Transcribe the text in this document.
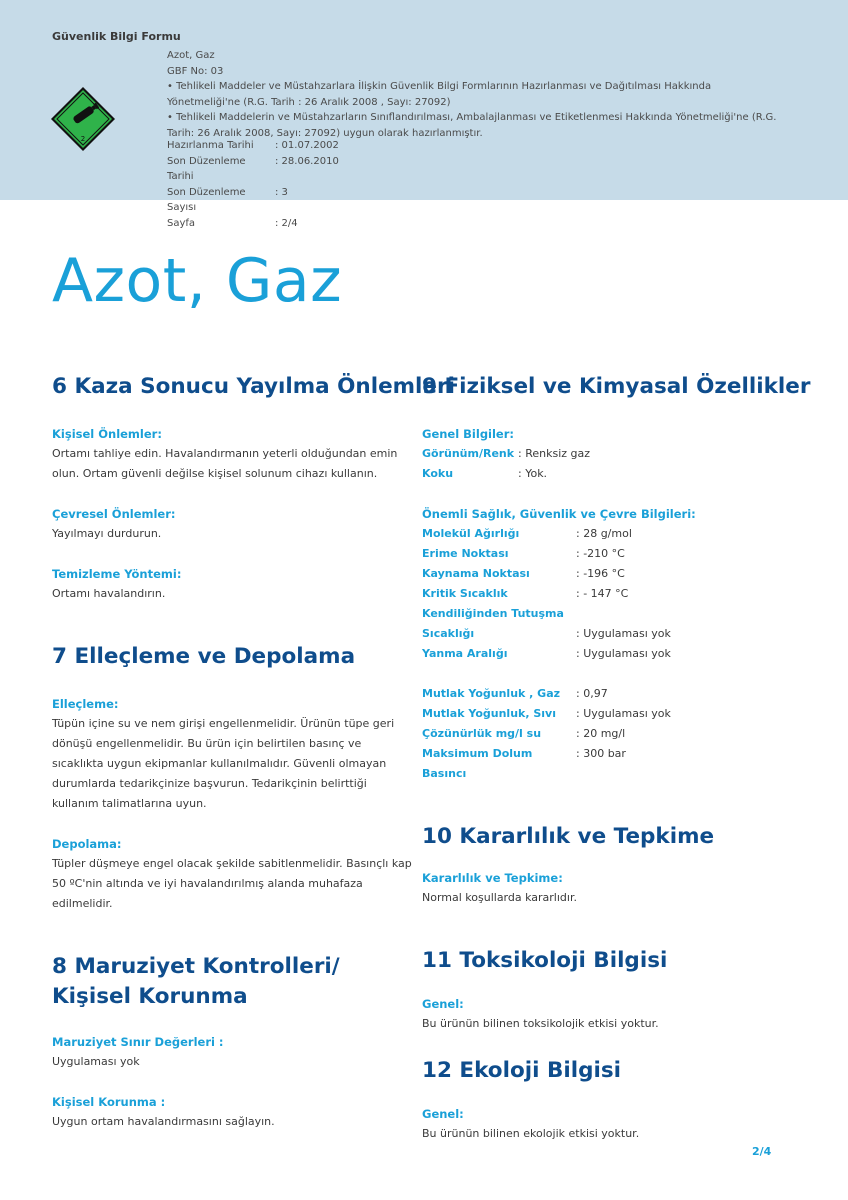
Güvenlik Bilgi Formu
2
Azot, Gaz
GBF No: 03
• Tehlikeli Maddeler ve Müstahzarlara İlişkin Güvenlik Bilgi Formlarının Hazırlanması ve Dağıtılması Hakkında Yönetmeliği'ne (R.G. Tarih : 26 Aralık 2008 , Sayı: 27092)
• Tehlikeli Maddelerin ve Müstahzarların Sınıflandırılması, Ambalajlanması ve Etiketlenmesi Hakkında Yönetmeliği'ne (R.G. Tarih: 26 Aralık 2008, Sayı: 27092) uygun olarak hazırlanmıştır.
Hazırlanma Tarihi	: 01.07.2002
Son Düzenleme Tarihi
: 28.06.2010
Son Düzenleme Sayısı
: 3
Sayfa	: 2/4
Azot, Gaz
6 Kaza Sonucu Yayılma Önlemleri
Kişisel Önlemler:
Ortamı tahliye edin. Havalandırmanın yeterli olduğundan emin olun. Ortam güvenli değilse kişisel solunum cihazı kullanın.
Çevresel Önlemler:
Yayılmayı durdurun.
Temizleme Yöntemi:
Ortamı havalandırın.
7 Elleçleme ve Depolama
Elleçleme:
Tüpün içine su ve nem girişi engellenmelidir. Ürünün tüpe geri dönüşü engellenmelidir. Bu ürün için belirtilen basınç ve sıcaklıkta uygun ekipmanlar kullanılmalıdır. Güvenli olmayan durumlarda tedarikçinize başvurun. Tedarikçinin belirttiği kullanım talimatlarına uyun.
Depolama:
Tüpler düşmeye engel olacak şekilde sabitlenmelidir. Basınçlı kap 50 ºC'nin altında ve iyi havalandırılmış alanda muhafaza edilmelidir.
8 Maruziyet Kontrolleri/ Kişisel Korunma
Maruziyet Sınır Değerleri :
Uygulaması yok
Kişisel Korunma :
Uygun ortam havalandırmasını sağlayın.
9 Fiziksel ve Kimyasal Özellikler
Genel Bilgiler:
Görünüm/Renk : Renksiz gaz
Koku	: Yok.
Önemli Sağlık, Güvenlik ve Çevre Bilgileri:
Molekül Ağırlığı	: 28 g/mol
Erime Noktası	: -210 °C
Kaynama Noktası	: -196 °C
Kritik Sıcaklık	: - 147 °C
Kendiliğinden Tutuşma
Sıcaklığı	: Uygulaması yok
Yanma Aralığı	: Uygulaması yok
Mutlak Yoğunluk , Gaz	: 0,97
Mutlak Yoğunluk, Sıvı	: Uygulaması yok
Çözünürlük mg/l su	: 20 mg/l
Maksimum Dolum Basıncı
: 300 bar
10 Kararlılık ve Tepkime
Kararlılık ve Tepkime:
Normal koşullarda kararlıdır.
11 Toksikoloji Bilgisi
Genel:
Bu ürünün bilinen toksikolojik etkisi yoktur.
12 Ekoloji Bilgisi
Genel:
Bu ürünün bilinen ekolojik etkisi yoktur.
2/4
